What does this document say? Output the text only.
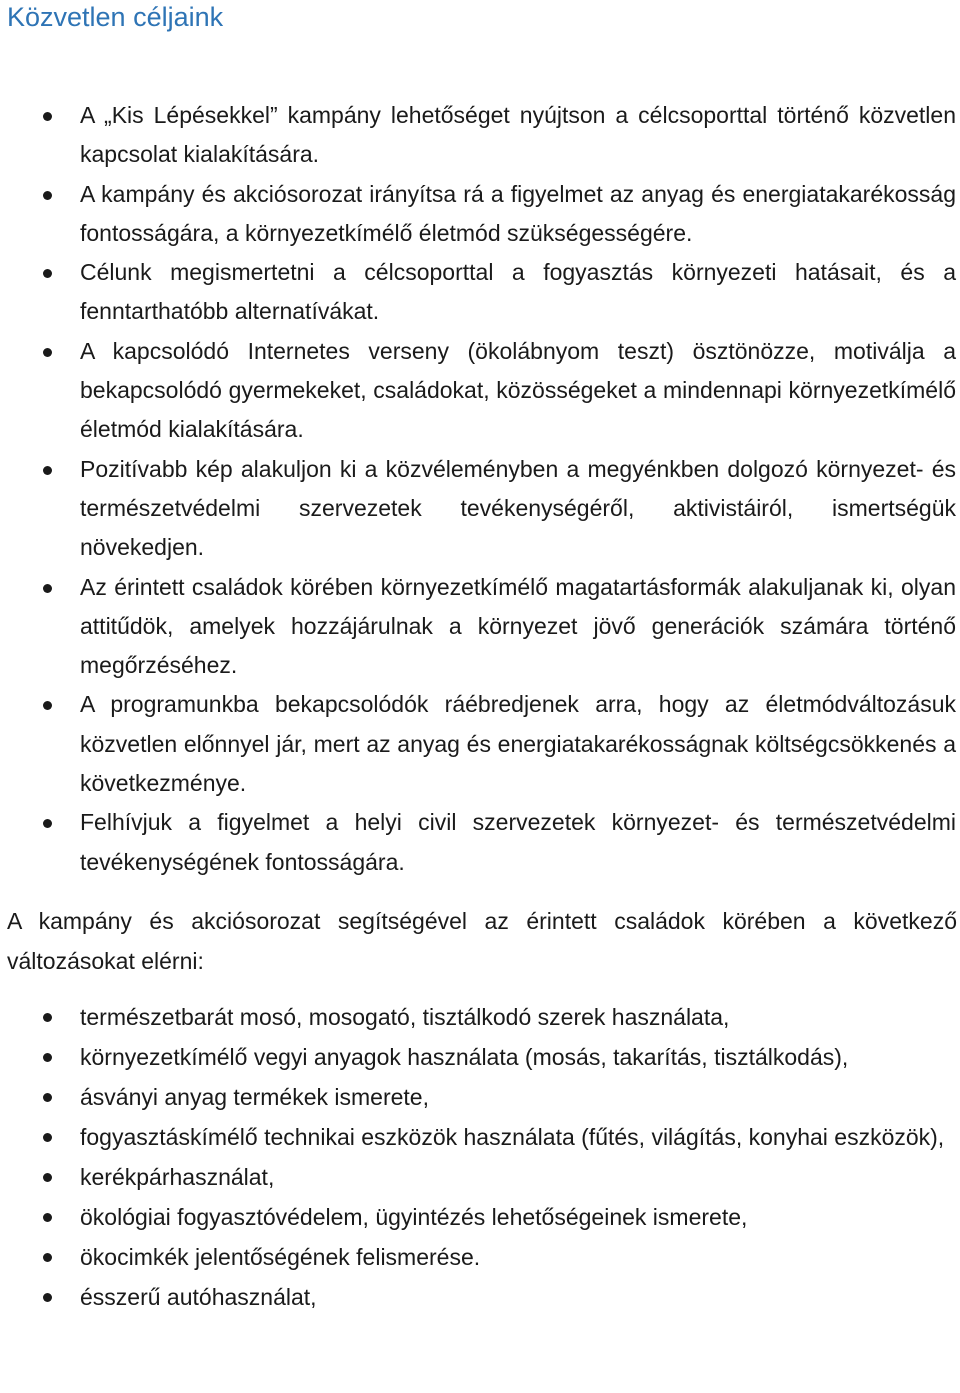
Közvetlen céljaink
A „Kis Lépésekkel” kampány lehetőséget nyújtson a célcsoporttal történő közvetlen kapcsolat kialakítására.
A kampány és akciósorozat irányítsa rá a figyelmet az anyag és energiatakarékosság fontosságára, a környezetkímélő életmód szükségességére.
Célunk megismertetni a célcsoporttal a fogyasztás környezeti hatásait, és a fenntarthatóbb alternatívákat.
A kapcsolódó Internetes verseny (ökolábnyom teszt) ösztönözze, motiválja a bekapcsolódó gyermekeket, családokat, közösségeket a mindennapi környezetkímélő életmód kialakítására.
Pozitívabb kép alakuljon ki a közvéleményben a megyénkben dolgozó környezet- és természetvédelmi szervezetek tevékenységéről, aktivistáiról, ismertségük növekedjen.
Az érintett családok körében környezetkímélő magatartásformák alakuljanak ki, olyan attitűdök, amelyek hozzájárulnak a környezet jövő generációk számára történő megőrzéséhez.
A programunkba bekapcsolódók ráébredjenek arra, hogy az életmódváltozásuk közvetlen előnnyel jár, mert az anyag és energiatakarékosságnak költségcsökkenés a következménye.
Felhívjuk a figyelmet a helyi civil szervezetek környezet- és természetvédelmi tevékenységének fontosságára.

A kampány és akciósorozat segítségével az érintett családok körében a következő változásokat elérni:

természetbarát mosó, mosogató, tisztálkodó szerek használata,
környezetkímélő vegyi anyagok használata (mosás, takarítás, tisztálkodás),
ásványi anyag termékek ismerete,
fogyasztáskímélő technikai eszközök használata (fűtés, világítás, konyhai eszközök),
kerékpárhasználat,
ökológiai fogyasztóvédelem, ügyintézés lehetőségeinek ismerete,
ökocimkék jelentőségének felismerése.
ésszerű autóhasználat,
